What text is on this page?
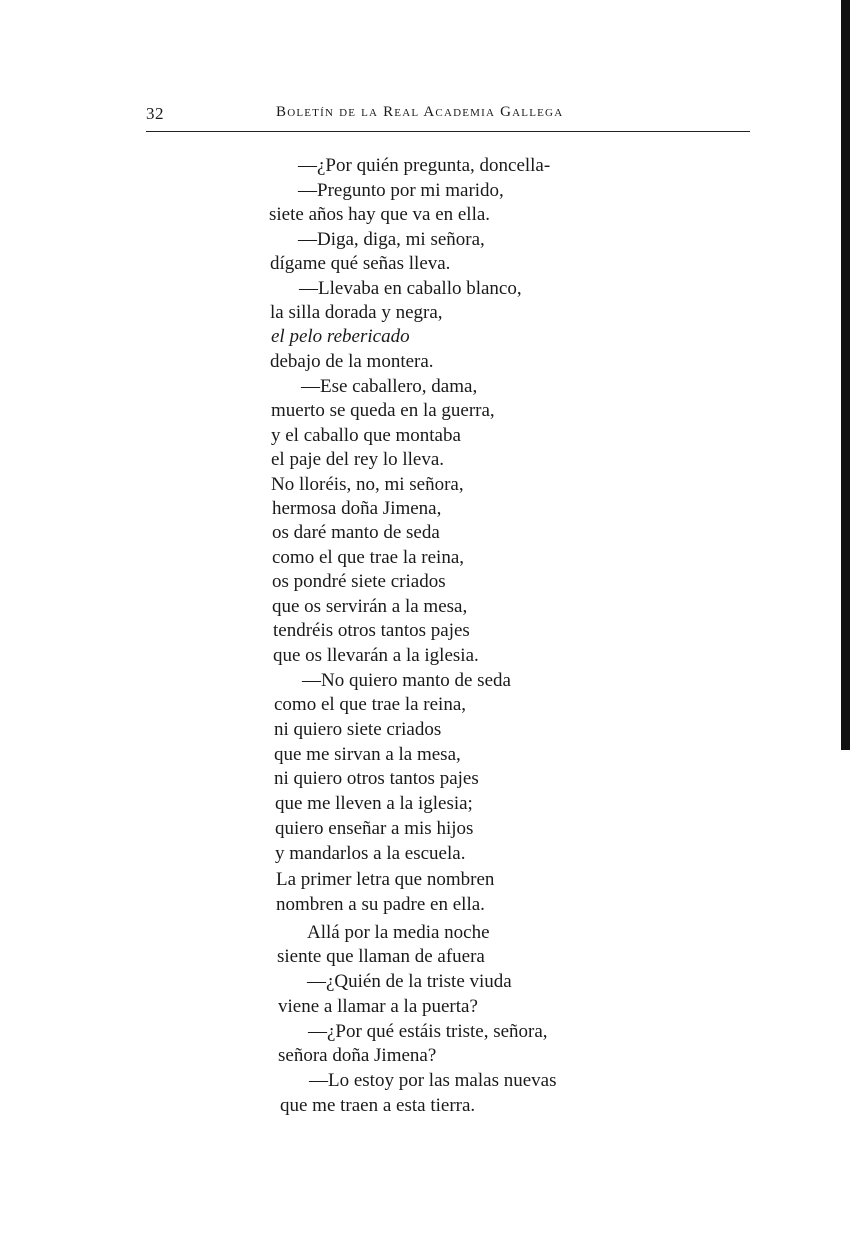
32	Boletín de la Real Academia Gallega
—¿Por quién pregunta, doncella-
—Pregunto por mi marido,
siete años hay que va en ella.
—Diga, diga, mi señora,
dígame qué señas lleva.
—Llevaba en caballo blanco,
la silla dorada y negra,
el pelo rebericado
debajo de la montera.
—Ese caballero, dama,
muerto se queda en la guerra,
y el caballo que montaba
el paje del rey lo lleva.
No lloréis, no, mi señora,
hermosa doña Jimena,
os daré manto de seda
como el que trae la reina,
os pondré siete criados
que os servirán a la mesa,
tendréis otros tantos pajes
que os llevarán a la iglesia.
—No quiero manto de seda
como el que trae la reina,
ni quiero siete criados
que me sirvan a la mesa,
ni quiero otros tantos pajes
que me lleven a la iglesia;
quiero enseñar a mis hijos
y mandarlos a la escuela.
La primer letra que nombren
nombren a su padre en ella.
Allá por la media noche
siente que llaman de afuera
—¿Quién de la triste viuda
viene a llamar a la puerta?
—¿Por qué estáis triste, señora,
señora doña Jimena?
—Lo estoy por las malas nuevas
que me traen a esta tierra.
